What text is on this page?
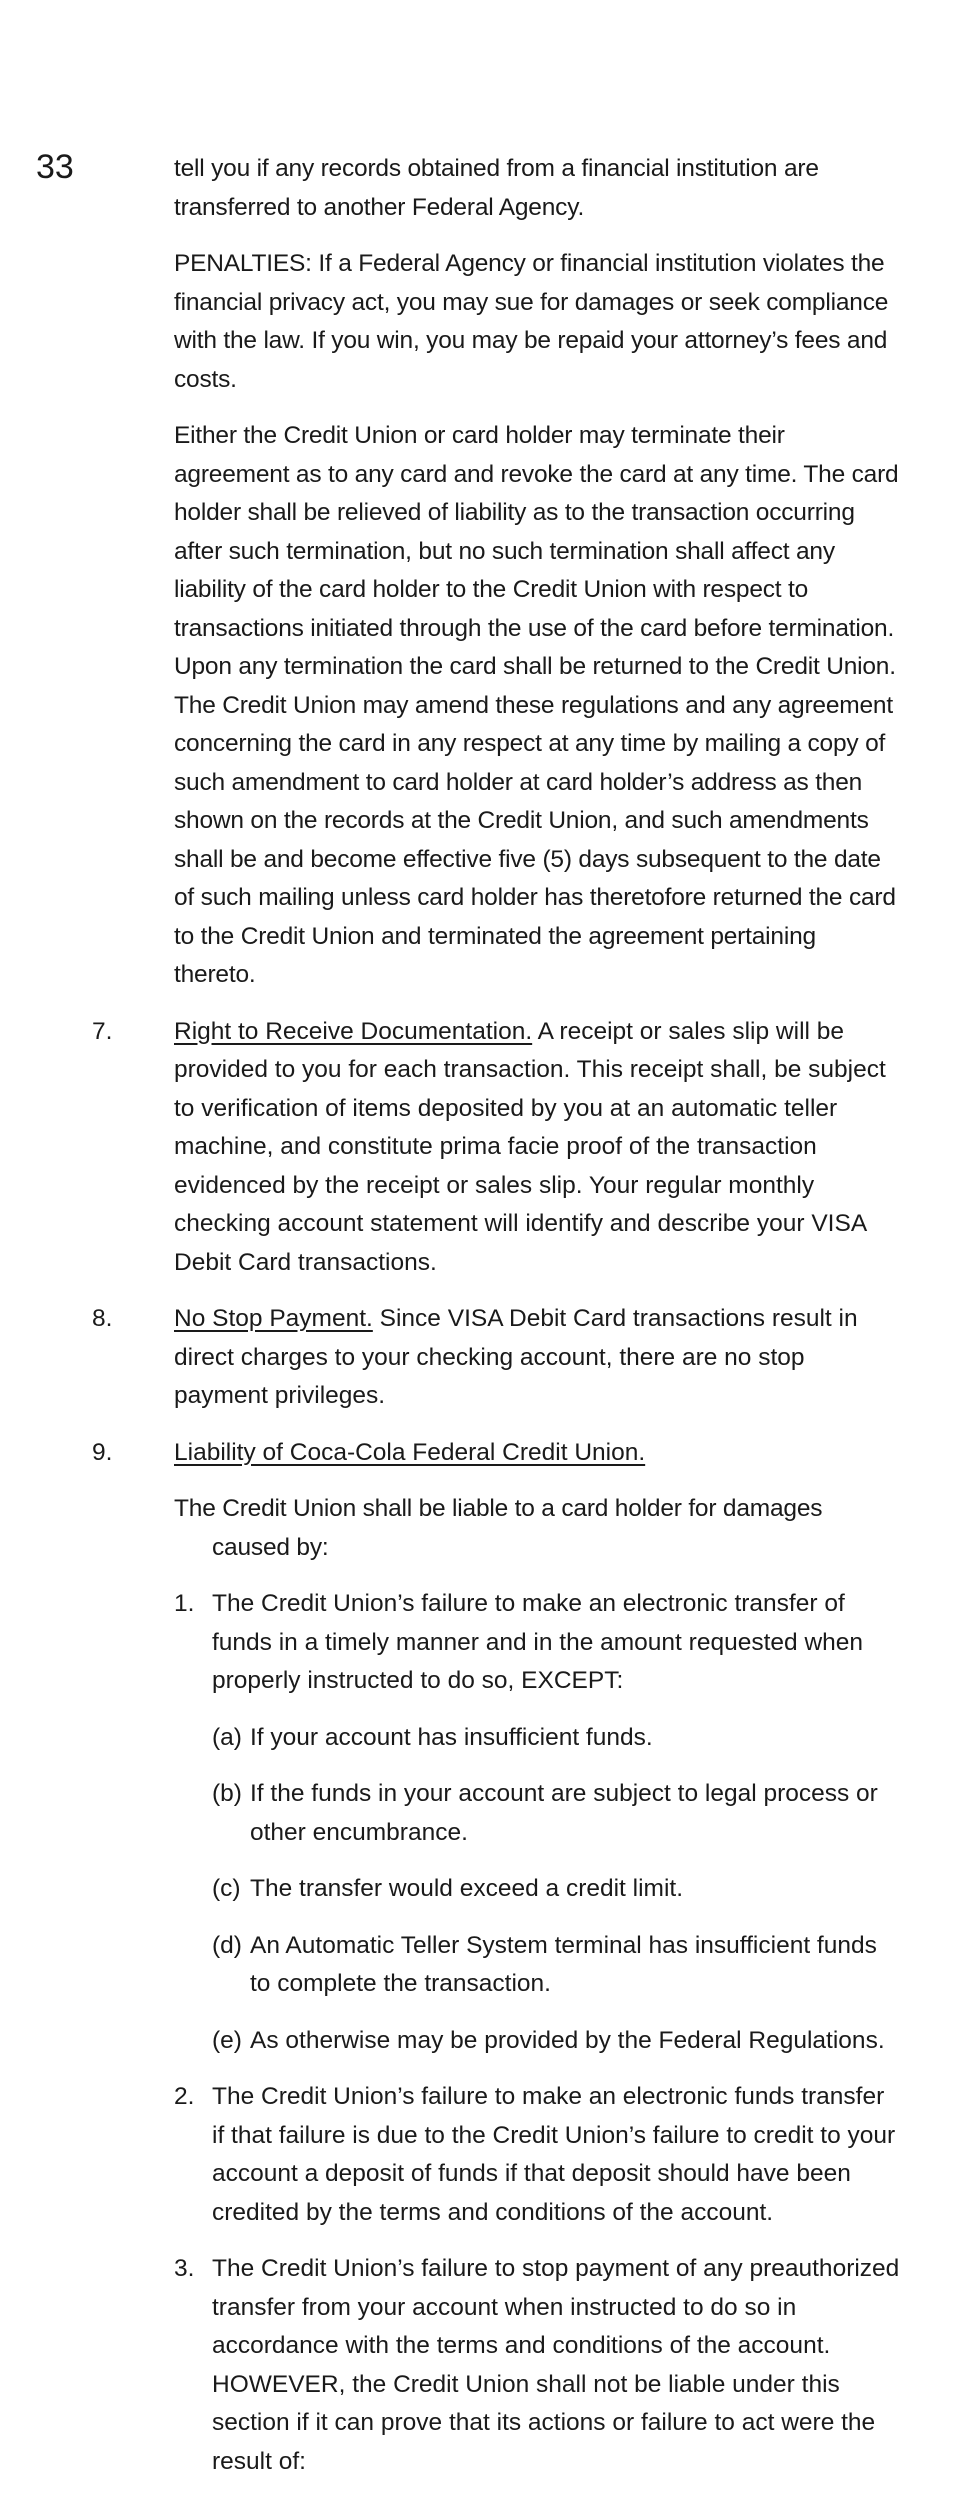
33	tell you if any records obtained from a financial institution are transferred to another Federal Agency.

PENALTIES: If a Federal Agency or financial institution violates the financial privacy act, you may sue for damages or seek compliance with the law. If you win, you may be repaid your attorney’s fees and costs.

Either the Credit Union or card holder may terminate their agreement as to any card and revoke the card at any time. The card holder shall be relieved of liability as to the transaction occurring after such termination, but no such termination shall affect any liability of the card holder to the Credit Union with respect to transactions initiated through the use of the card before termination. Upon any termination the card shall be returned to the Credit Union. The Credit Union may amend these regulations and any agreement concerning the card in any respect at any time by mailing a copy of such amendment to card holder at card holder’s address as then shown on the records at the Credit Union, and such amendments shall be and become effective five (5) days subsequent to the date of such mailing unless card holder has theretofore returned the card to the Credit Union and terminated the agreement pertaining thereto.

7.	Right to Receive Documentation. A receipt or sales slip will be provided to you for each transaction. This receipt shall, be subject to verification of items deposited by you at an automatic teller machine, and constitute prima facie proof of the transaction evidenced by the receipt or sales slip. Your regular monthly checking account statement will identify and describe your VISA Debit Card transactions.

8.	No Stop Payment. Since VISA Debit Card transactions result in direct charges to your checking account, there are no stop payment privileges.

9.	Liability of Coca-Cola Federal Credit Union.

The Credit Union shall be liable to a card holder for damages caused by:

1. The Credit Union’s failure to make an electronic transfer of funds in a timely manner and in the amount requested when properly instructed to do so, EXCEPT:
(a) If your account has insufficient funds.
(b) If the funds in your account are subject to legal process or other encumbrance.
(c) The transfer would exceed a credit limit.
(d) An Automatic Teller System terminal has insufficient funds to complete the transaction.
(e) As otherwise may be provided by the Federal Regulations.
2. The Credit Union’s failure to make an electronic funds transfer if that failure is due to the Credit Union’s failure to credit to your account a deposit of funds if that deposit should have been credited by the terms and conditions of the account.
3. The Credit Union’s failure to stop payment of any preauthorized transfer from your account when instructed to do so in accordance with the terms and conditions of the account. HOWEVER, the Credit Union shall not be liable under this section if it can prove that its actions or failure to act were the result of:
